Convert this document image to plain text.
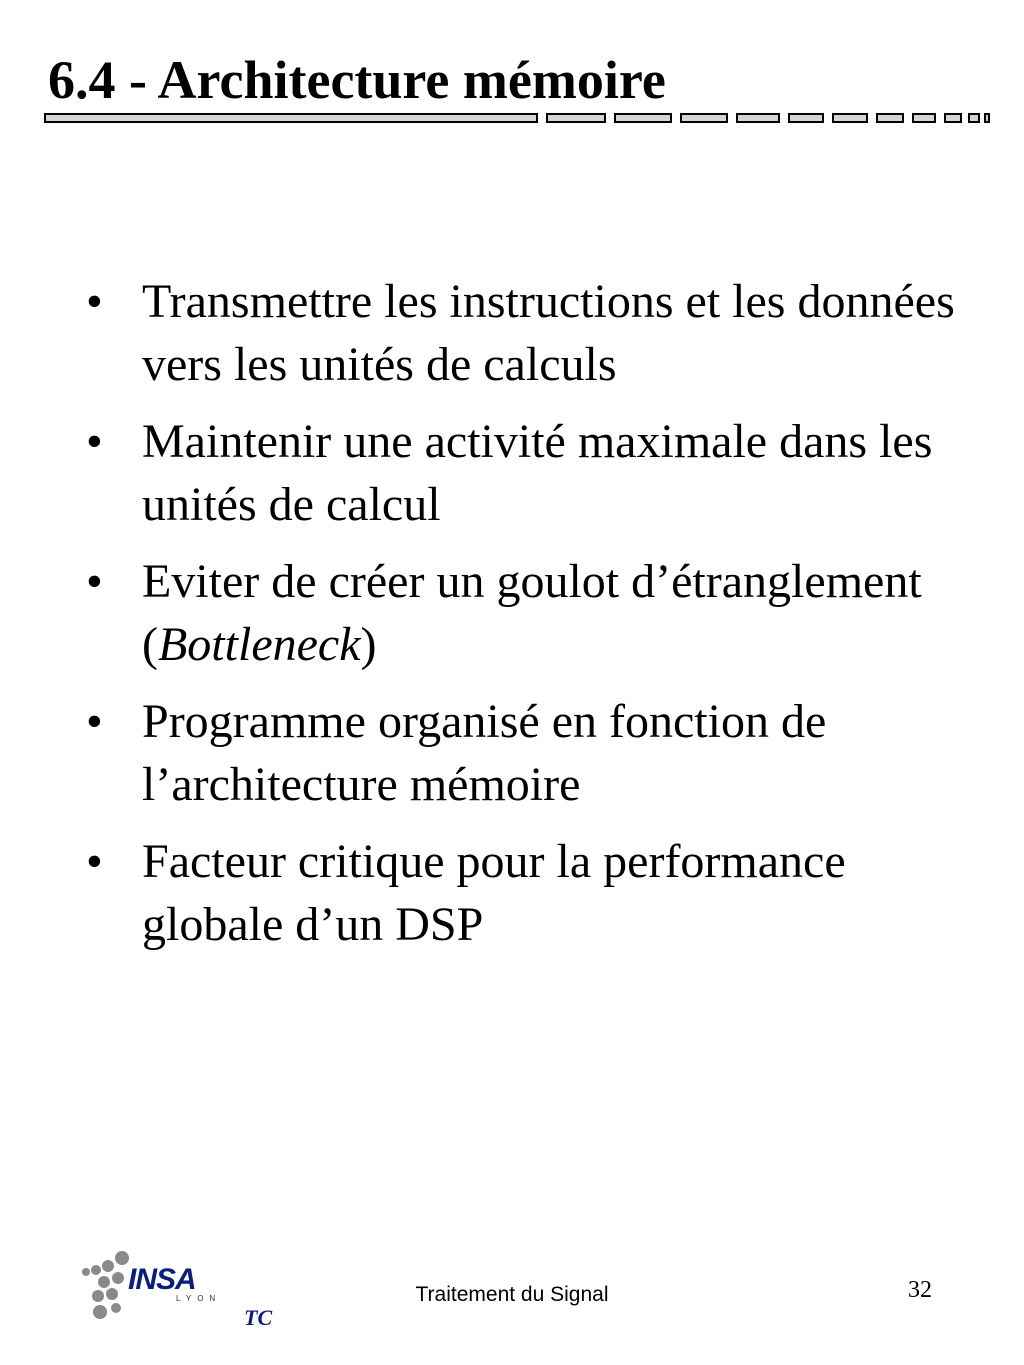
6.4 - Architecture mémoire
• Transmettre les instructions et les données vers les unités de calculs
• Maintenir une activité maximale dans les unités de calcul
• Eviter de créer un goulot d’étranglement (Bottleneck)
• Programme organisé en fonction de l’architecture mémoire
• Facteur critique pour la performance globale d’un DSP
INSA
LYON
TC
Traitement du Signal	32
